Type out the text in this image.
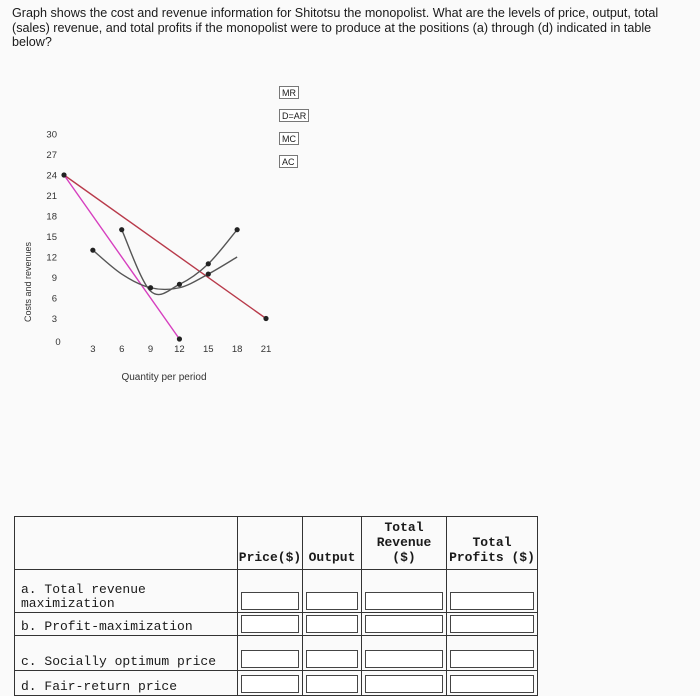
Graph shows the cost and revenue information for Shitotsu the monopolist. What are the levels of price, output, total (sales) revenue, and total profits if the monopolist were to produce at the positions (a) through (d) indicated in table below?

Costs and revenues
Quantity per period
3
6
9
12
15
18
21
24
27
30
0
3 6 9 12 15 18 21
MR
D=AR
MC
AC
	Price($)	Output	Total Revenue ($)	Total Profits ($)
a. Total revenue maximization	

b. Profit-maximization	

c. Socially optimum price	

d. Fair-return price	
